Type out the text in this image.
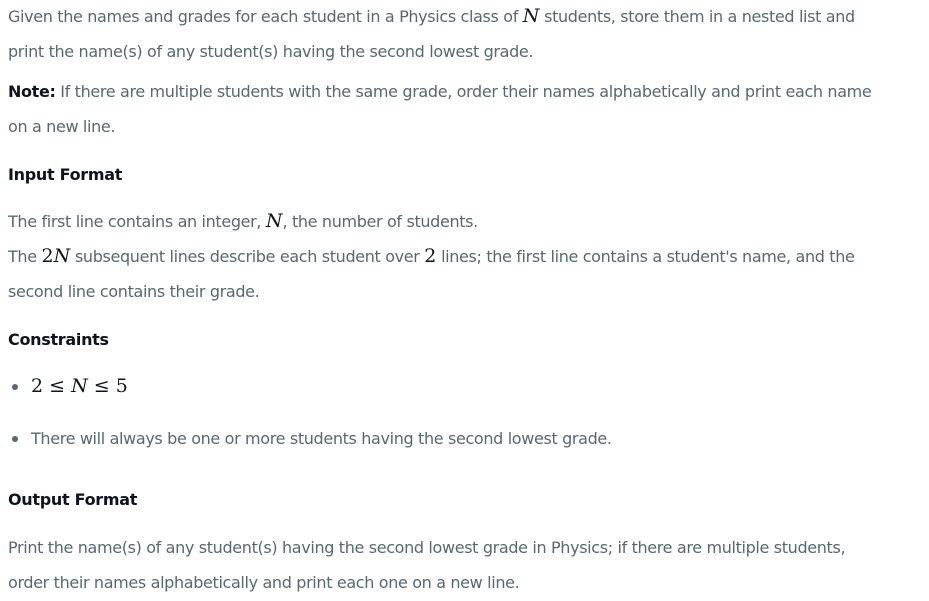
Given the names and grades for each student in a Physics class of N students, store them in a nested list and
print the name(s) of any student(s) having the second lowest grade.

Note: If there are multiple students with the same grade, order their names alphabetically and print each name
on a new line.

Input Format

The first line contains an integer, N, the number of students.
The 2N subsequent lines describe each student over 2 lines; the first line contains a student's name, and the
second line contains their grade.

Constraints
2 ≤ N ≤ 5
There will always be one or more students having the second lowest grade.
Output Format

Print the name(s) of any student(s) having the second lowest grade in Physics; if there are multiple students,
order their names alphabetically and print each one on a new line.
